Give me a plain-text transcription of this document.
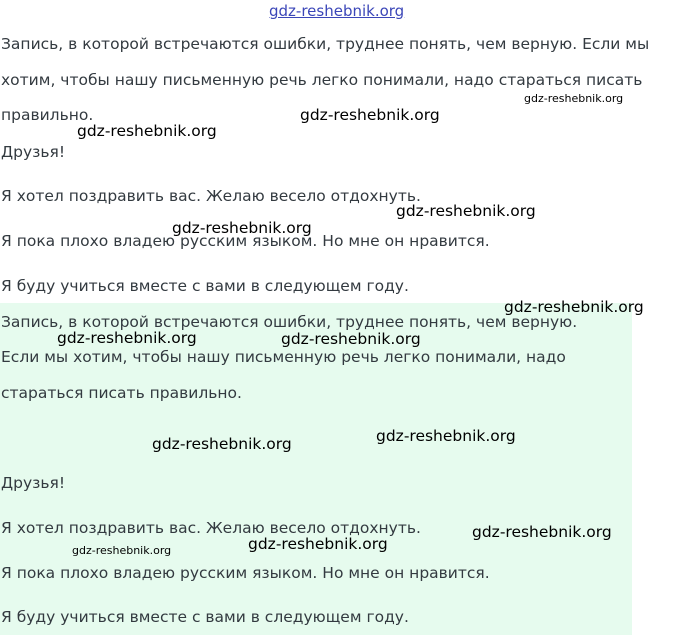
gdz-reshebnik.org
Запись, в которой встречаются ошибки, труднее понять, чем верную. Если мы
хотим, чтобы нашу письменную речь легко понимали, надо стараться писать
правильно.
Друзья!
Я хотел поздравить вас. Желаю весело отдохнуть.
Я пока плохо владею русским языком. Но мне он нравится.
Я буду учиться вместе с вами в следующем году.
Запись, в которой встречаются ошибки, труднее понять, чем верную.
Если мы хотим, чтобы нашу письменную речь легко понимали, надо
стараться писать правильно.
Друзья!
Я хотел поздравить вас. Желаю весело отдохнуть.
Я пока плохо владею русским языком. Но мне он нравится.
Я буду учиться вместе с вами в следующем году.
gdz-reshebnik.org
gdz-reshebnik.org
gdz-reshebnik.org
gdz-reshebnik.org
gdz-reshebnik.org
gdz-reshebnik.org
gdz-reshebnik.org	gdz-reshebnik.org
gdz-reshebnik.org
gdz-reshebnik.org
gdz-reshebnik.org
gdz-reshebnik.org
gdz-reshebnik.org
